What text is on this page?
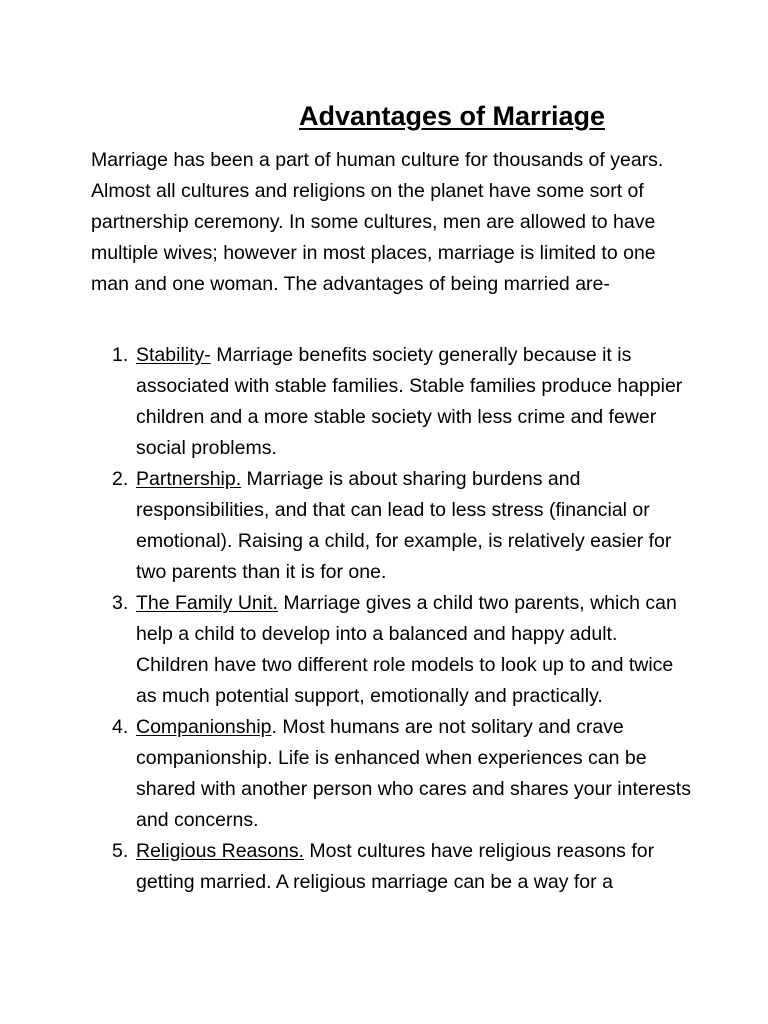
Advantages of Marriage

Marriage has been a part of human culture for thousands of years. Almost all cultures and religions on the planet have some sort of partnership ceremony. In some cultures, men are allowed to have multiple wives; however in most places, marriage is limited to one man and one woman. The advantages of being married are-

1. Stability- Marriage benefits society generally because it is associated with stable families. Stable families produce happier children and a more stable society with less crime and fewer social problems.
2. Partnership. Marriage is about sharing burdens and responsibilities, and that can lead to less stress (financial or emotional). Raising a child, for example, is relatively easier for two parents than it is for one.
3. The Family Unit. Marriage gives a child two parents, which can help a child to develop into a balanced and happy adult. Children have two different role models to look up to and twice as much potential support, emotionally and practically.
4. Companionship. Most humans are not solitary and crave companionship. Life is enhanced when experiences can be shared with another person who cares and shares your interests and concerns.
5. Religious Reasons. Most cultures have religious reasons for getting married. A religious marriage can be a way for a
